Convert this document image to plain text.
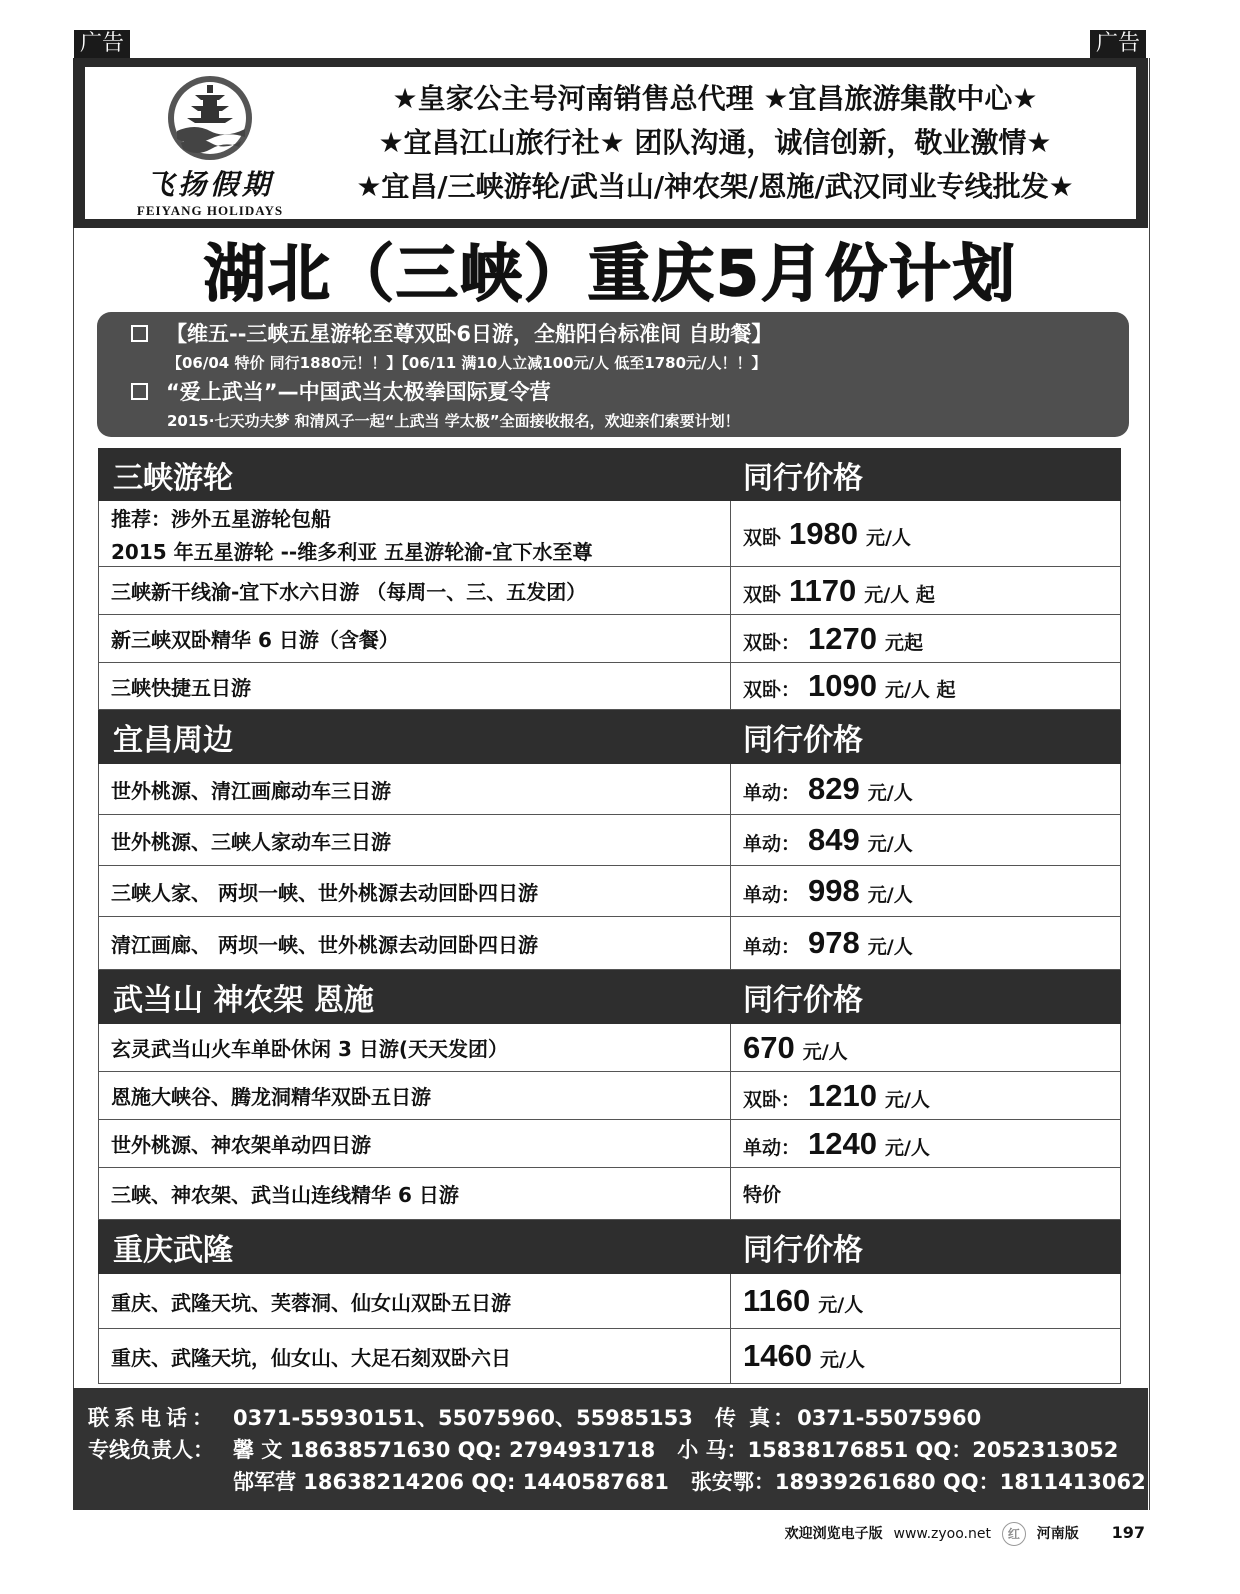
广告	广告
飞扬假期
FEIYANG HOLIDAYS
★皇家公主号河南销售总代理 ★宜昌旅游集散中心★
★宜昌江山旅行社★ 团队沟通，诚信创新，敬业激情★
★宜昌/三峡游轮/武当山/神农架/恩施/武汉同业专线批发★
湖北（三峡）重庆5月份计划
【维五--三峡五星游轮至尊双卧6日游，全船阳台标准间 自助餐】
【06/04 特价 同行1880元！！】【06/11 满10人立减100元/人 低至1780元/人！！】
“爱上武当”—中国武当太极拳国际夏令营
2015·七天功夫梦 和清风子一起“上武当 学太极”全面接收报名，欢迎亲们索要计划！
三峡游轮	同行价格

推荐：涉外五星游轮包船
2015 年五星游轮 --维多利亚 五星游轮渝-宜下水至尊	双卧 1980 元/人
三峡新干线渝-宜下水六日游 （每周一、三、五发团）	双卧 1170 元/人 起
新三峡双卧精华 6 日游（含餐）	双卧： 1270 元起
三峡快捷五日游	双卧： 1090 元/人 起
宜昌周边	同行价格
世外桃源、清江画廊动车三日游	单动： 829 元/人
世外桃源、三峡人家动车三日游	单动： 849 元/人
三峡人家、 两坝一峡、世外桃源去动回卧四日游	单动： 998 元/人
清江画廊、 两坝一峡、世外桃源去动回卧四日游	单动： 978 元/人
武当山 神农架 恩施	同行价格
玄灵武当山火车单卧休闲 3 日游(天天发团）	670 元/人
恩施大峡谷、腾龙洞精华双卧五日游	双卧： 1210 元/人
世外桃源、神农架单动四日游	单动： 1240 元/人
三峡、神农架、武当山连线精华 6 日游	特价
重庆武隆	同行价格
重庆、武隆天坑、芙蓉洞、仙女山双卧五日游	1160 元/人
重庆、武隆天坑，仙女山、大足石刻双卧六日	1460 元/人
联系电话： 0371-55930151、55075960、55985153 传 真：0371-55075960
专线负责人： 馨 文 18638571630 QQ: 2794931718 小 马：15838176851 QQ：2052313052
郜军营 18638214206 QQ: 1440587681 张安鄂：18939261680 QQ：1811413062
欢迎浏览电子版 www.zyoo.net 红 河南版 197
